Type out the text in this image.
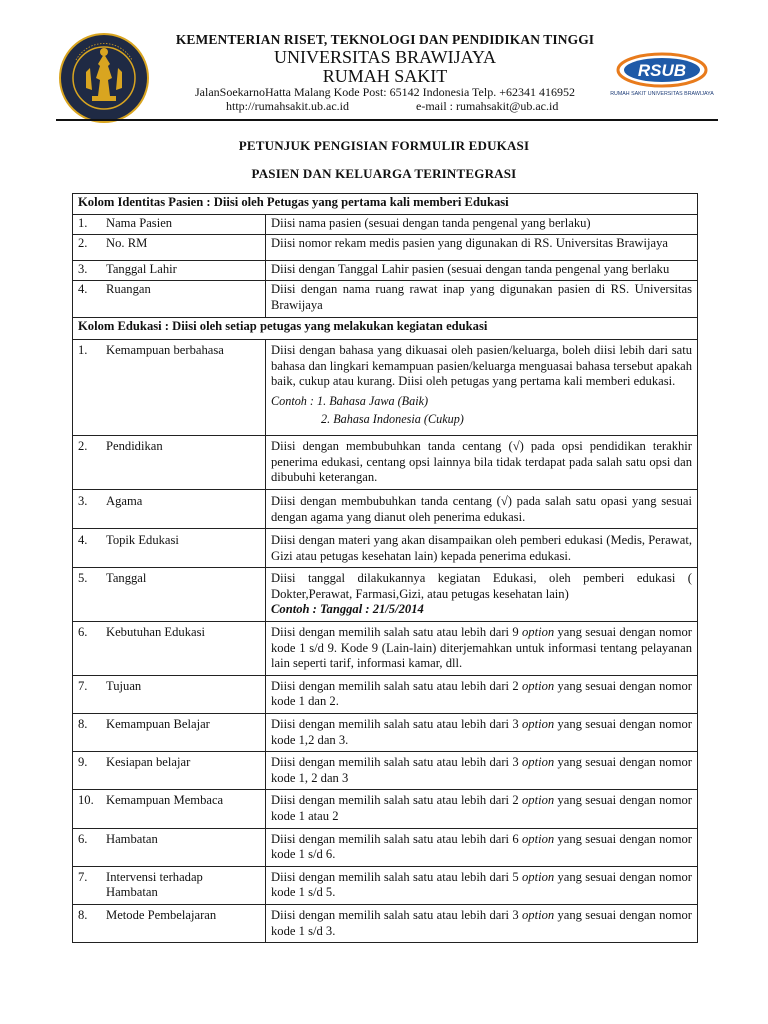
KEMENTERIAN RISET, TEKNOLOGI DAN PENDIDIKAN TINGGI
UNIVERSITAS BRAWIJAYA
RUMAH SAKIT
JalanSoekarnoHatta Malang Kode Post: 65142 Indonesia Telp. +62341 416952
http://rumahsakit.ub.ac.id	e-mail : rumahsakit@ub.ac.id
RSUB
RUMAH SAKIT UNIVERSITAS BRAWIJAYA
PETUNJUK PENGISIAN FORMULIR EDUKASI
PASIEN DAN KELUARGA TERINTEGRASI
Kolom Identitas Pasien : Diisi oleh Petugas yang pertama kali memberi Edukasi	
1. Nama Pasien	Diisi nama pasien (sesuai dengan tanda pengenal yang berlaku)
2. No. RM	Diisi nomor rekam medis pasien yang digunakan di RS. Universitas Brawijaya
3. Tanggal Lahir	Diisi dengan Tanggal Lahir pasien (sesuai dengan tanda pengenal yang berlaku
4. Ruangan	Diisi dengan nama ruang rawat inap yang digunakan pasien di RS. Universitas Brawijaya
Kolom Edukasi : Diisi oleh setiap petugas yang melakukan kegiatan edukasi	
1. Kemampuan berbahasa	Diisi dengan bahasa yang dikuasai oleh pasien/keluarga, boleh diisi lebih dari satu bahasa dan lingkari kemampuan pasien/keluarga menguasai bahasa tersebut apakah baik, cukup atau kurang. Diisi oleh petugas yang pertama kali memberi edukasi.
Contoh : 1. Bahasa Jawa (Baik)
2. Bahasa Indonesia (Cukup)

2. Pendidikan	Diisi dengan membubuhkan tanda centang (√) pada opsi pendidikan terakhir penerima edukasi, centang opsi lainnya bila tidak terdapat pada salah satu opsi dan dibubuhi keterangan.
3. Agama	Diisi dengan membubuhkan tanda centang (√) pada salah satu opasi yang sesuai dengan agama yang dianut oleh penerima edukasi.
4. Topik Edukasi	Diisi dengan materi yang akan disampaikan oleh pemberi edukasi (Medis, Perawat, Gizi atau petugas kesehatan lain) kepada penerima edukasi.
5. Tanggal	Diisi tanggal dilakukannya kegiatan Edukasi, oleh pemberi edukasi ( Dokter,Perawat, Farmasi,Gizi, atau petugas kesehatan lain)
Contoh : Tanggal : 21/5/2014

6. Kebutuhan Edukasi	Diisi dengan memilih salah satu atau lebih dari 9 option yang sesuai dengan nomor kode 1 s/d 9. Kode 9 (Lain-lain) diterjemahkan untuk informasi tentang pelayanan lain seperti tarif, informasi kamar, dll.
7. Tujuan	Diisi dengan memilih salah satu atau lebih dari 2 option yang sesuai dengan nomor kode 1 dan 2.
8. Kemampuan Belajar	Diisi dengan memilih salah satu atau lebih dari 3 option yang sesuai dengan nomor kode 1,2 dan 3.
9. Kesiapan belajar	Diisi dengan memilih salah satu atau lebih dari 3 option yang sesuai dengan nomor kode 1, 2 dan 3
10. Kemampuan Membaca	Diisi dengan memilih salah satu atau lebih dari 2 option yang sesuai dengan nomor kode 1 atau 2
6. Hambatan	Diisi dengan memilih salah satu atau lebih dari 6 option yang sesuai dengan nomor kode 1 s/d 6.
7. Intervensi terhadap Hambatan	Diisi dengan memilih salah satu atau lebih dari 5 option yang sesuai dengan nomor kode 1 s/d 5.
8. Metode Pembelajaran	Diisi dengan memilih salah satu atau lebih dari 3 option yang sesuai dengan nomor kode 1 s/d 3.
